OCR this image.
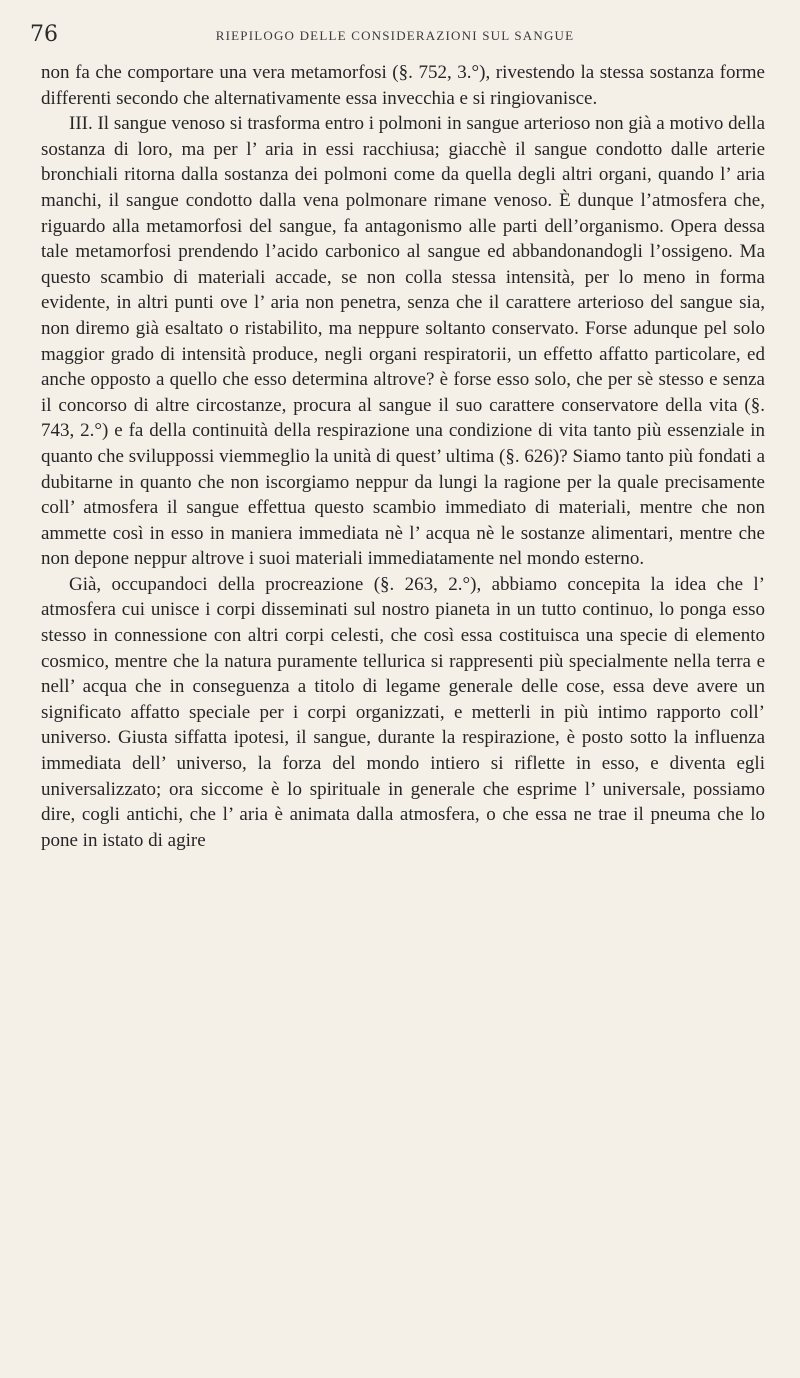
76	RIEPILOGO DELLE CONSIDERAZIONI SUL SANGUE

non fa che comportare una vera metamorfosi (§. 752, 3.°), rivestendo la stessa sostanza forme differenti secondo che alternativamente essa invecchia e si ringiovanisce.

III. Il sangue venoso si trasforma entro i polmoni in sangue arterioso non già a motivo della sostanza di loro, ma per l’ aria in essi racchiusa; giacchè il sangue condotto dalle arterie bronchiali ritorna dalla sostanza dei polmoni come da quella degli altri organi, quando l’ aria manchi, il sangue condotto dalla vena polmonare rimane venoso. È dunque l’atmosfera che, riguardo alla metamorfosi del sangue, fa antagonismo alle parti dell’organismo. Opera dessa tale metamorfosi prendendo l’acido carbonico al sangue ed abbandonandogli l’ossigeno. Ma questo scambio di materiali accade, se non colla stessa intensità, per lo meno in forma evidente, in altri punti ove l’ aria non penetra, senza che il carattere arterioso del sangue sia, non diremo già esaltato o ristabilito, ma neppure soltanto conservato. Forse adunque pel solo maggior grado di intensità produce, negli organi respiratorii, un effetto affatto particolare, ed anche opposto a quello che esso determina altrove? è forse esso solo, che per sè stesso e senza il concorso di altre circostanze, procura al sangue il suo carattere conservatore della vita (§. 743, 2.°) e fa della continuità della respirazione una condizione di vita tanto più essenziale in quanto che sviluppossi viemmeglio la unità di quest’ ultima (§. 626)? Siamo tanto più fondati a dubitarne in quanto che non iscorgiamo neppur da lungi la ragione per la quale precisamente coll’ atmosfera il sangue effettua questo scambio immediato di materiali, mentre che non ammette così in esso in maniera immediata nè l’ acqua nè le sostanze alimentari, mentre che non depone neppur altrove i suoi materiali immediatamente nel mondo esterno.

Già, occupandoci della procreazione (§. 263, 2.°), abbiamo concepita la idea che l’ atmosfera cui unisce i corpi disseminati sul nostro pianeta in un tutto continuo, lo ponga esso stesso in connessione con altri corpi celesti, che così essa costituisca una specie di elemento cosmico, mentre che la natura puramente tellurica si rappresenti più specialmente nella terra e nell’ acqua che in conseguenza a titolo di legame generale delle cose, essa deve avere un significato affatto speciale per i corpi organizzati, e metterli in più intimo rapporto coll’ universo. Giusta siffatta ipotesi, il sangue, durante la respirazione, è posto sotto la influenza immediata dell’ universo, la forza del mondo intiero si riflette in esso, e diventa egli universalizzato; ora siccome è lo spirituale in generale che esprime l’ universale, possiamo dire, cogli antichi, che l’ aria è animata dalla atmosfera, o che essa ne trae il pneuma che lo pone in istato di agire
